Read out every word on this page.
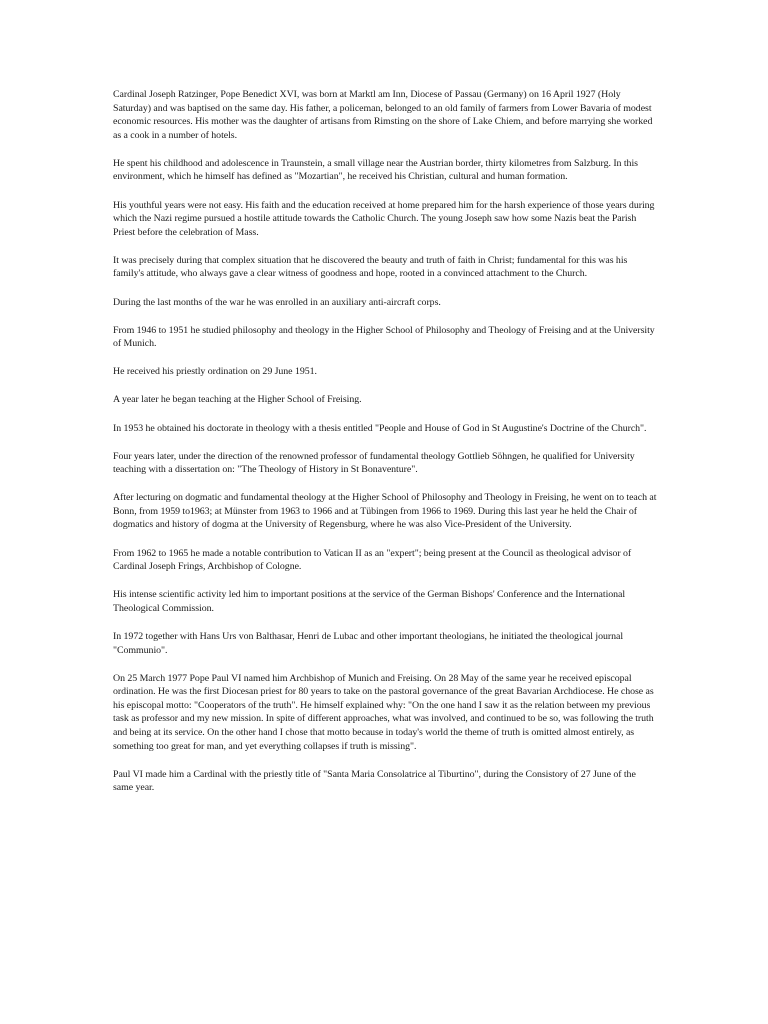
Cardinal Joseph Ratzinger, Pope Benedict XVI, was born at Marktl am Inn, Diocese of Passau (Germany) on 16 April 1927 (Holy Saturday) and was baptised on the same day. His father, a policeman, belonged to an old family of farmers from Lower Bavaria of modest economic resources. His mother was the daughter of artisans from Rimsting on the shore of Lake Chiem, and before marrying she worked as a cook in a number of hotels.

He spent his childhood and adolescence in Traunstein, a small village near the Austrian border, thirty kilometres from Salzburg. In this environment, which he himself has defined as "Mozartian", he received his Christian, cultural and human formation.

His youthful years were not easy. His faith and the education received at home prepared him for the harsh experience of those years during which the Nazi regime pursued a hostile attitude towards the Catholic Church. The young Joseph saw how some Nazis beat the Parish Priest before the celebration of Mass.

It was precisely during that complex situation that he discovered the beauty and truth of faith in Christ; fundamental for this was his family's attitude, who always gave a clear witness of goodness and hope, rooted in a convinced attachment to the Church.

During the last months of the war he was enrolled in an auxiliary anti-aircraft corps.

From 1946 to 1951 he studied philosophy and theology in the Higher School of Philosophy and Theology of Freising and at the University of Munich.

He received his priestly ordination on 29 June 1951.

A year later he began teaching at the Higher School of Freising.

In 1953 he obtained his doctorate in theology with a thesis entitled "People and House of God in St Augustine's Doctrine of the Church".

Four years later, under the direction of the renowned professor of fundamental theology Gottlieb Söhngen, he qualified for University teaching with a dissertation on: "The Theology of History in St Bonaventure".

After lecturing on dogmatic and fundamental theology at the Higher School of Philosophy and Theology in Freising, he went on to teach at Bonn, from 1959 to1963; at Münster from 1963 to 1966 and at Tübingen from 1966 to 1969. During this last year he held the Chair of dogmatics and history of dogma at the University of Regensburg, where he was also Vice-President of the University.

From 1962 to 1965 he made a notable contribution to Vatican II as an "expert"; being present at the Council as theological advisor of Cardinal Joseph Frings, Archbishop of Cologne.

His intense scientific activity led him to important positions at the service of the German Bishops' Conference and the International Theological Commission.

In 1972 together with Hans Urs von Balthasar, Henri de Lubac and other important theologians, he initiated the theological journal "Communio".

On 25 March 1977 Pope Paul VI named him Archbishop of Munich and Freising. On 28 May of the same year he received episcopal ordination. He was the first Diocesan priest for 80 years to take on the pastoral governance of the great Bavarian Archdiocese. He chose as his episcopal motto: "Cooperators of the truth". He himself explained why: "On the one hand I saw it as the relation between my previous task as professor and my new mission. In spite of different approaches, what was involved, and continued to be so, was following the truth and being at its service. On the other hand I chose that motto because in today's world the theme of truth is omitted almost entirely, as something too great for man, and yet everything collapses if truth is missing".

Paul VI made him a Cardinal with the priestly title of "Santa Maria Consolatrice al Tiburtino", during the Consistory of 27 June of the same year.
